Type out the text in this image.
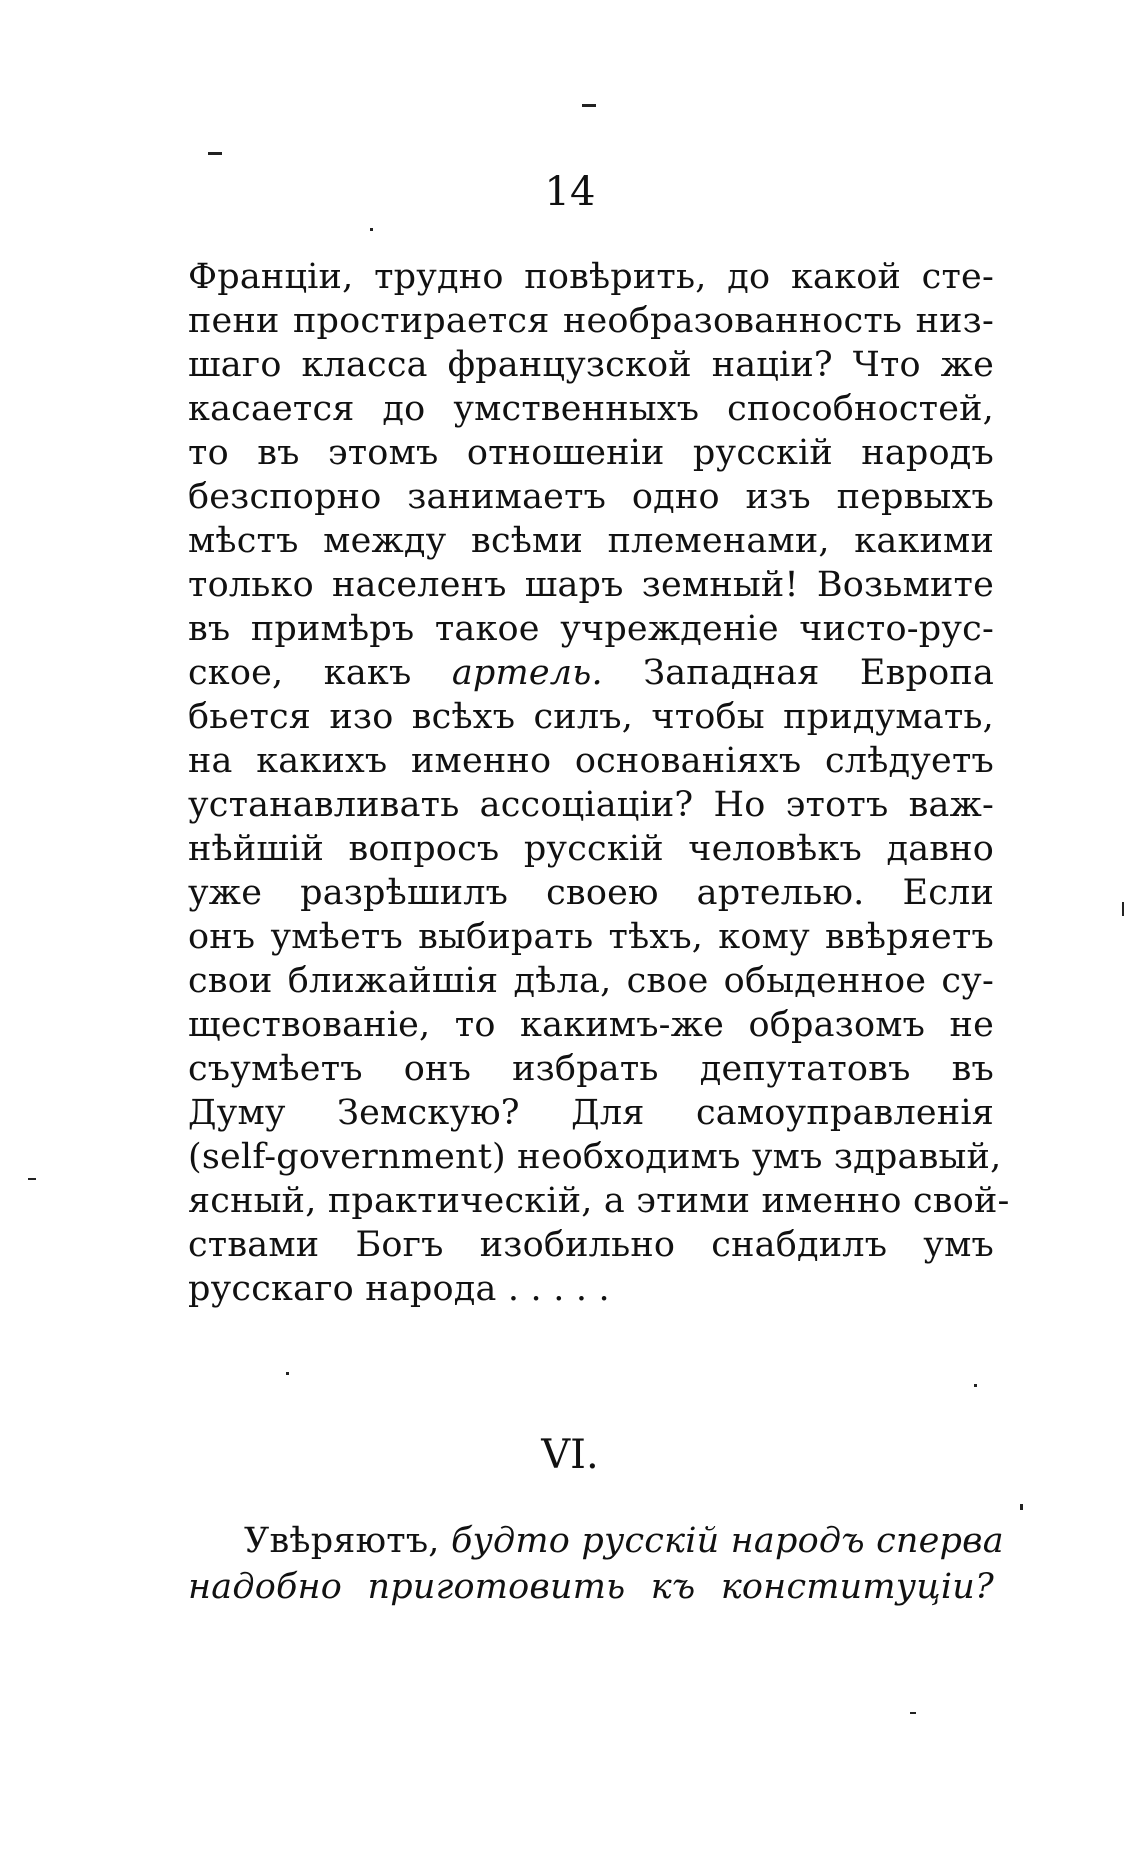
14
Франціи, трудно повѣрить, до какой сте-
пени простирается необразованность низ-
шаго класса французской націи? Что же
касается до умственныхъ способностей,
то въ этомъ отношеніи русскій народъ
безспорно занимаетъ одно изъ первыхъ
мѣстъ между всѣми племенами, какими
только населенъ шаръ земный! Возьмите
въ примѣръ такое учрежденіе чисто-рус-
ское, какъ артель. Западная Европа
бьется изо всѣхъ силъ, чтобы придумать,
на какихъ именно основаніяхъ слѣдуетъ
устанавливать ассоціаціи? Но этотъ важ-
нѣйшій вопросъ русскій человѣкъ давно
уже разрѣшилъ своею артелью. Если
онъ умѣетъ выбирать тѣхъ, кому ввѣряетъ
свои ближайшія дѣла, свое обыденное су-
ществованіе, то какимъ-же образомъ не
съумѣетъ онъ избрать депутатовъ въ
Думу Земскую? Для самоуправленія
(self-government) необходимъ умъ здравый,
ясный, практическій, а этими именно свой-
ствами Богъ изобильно снабдилъ умъ
русскаго народа . . . . .
VI.
Увѣряютъ, будто русскій народъ сперва
надобно приготовить къ конституціи?
